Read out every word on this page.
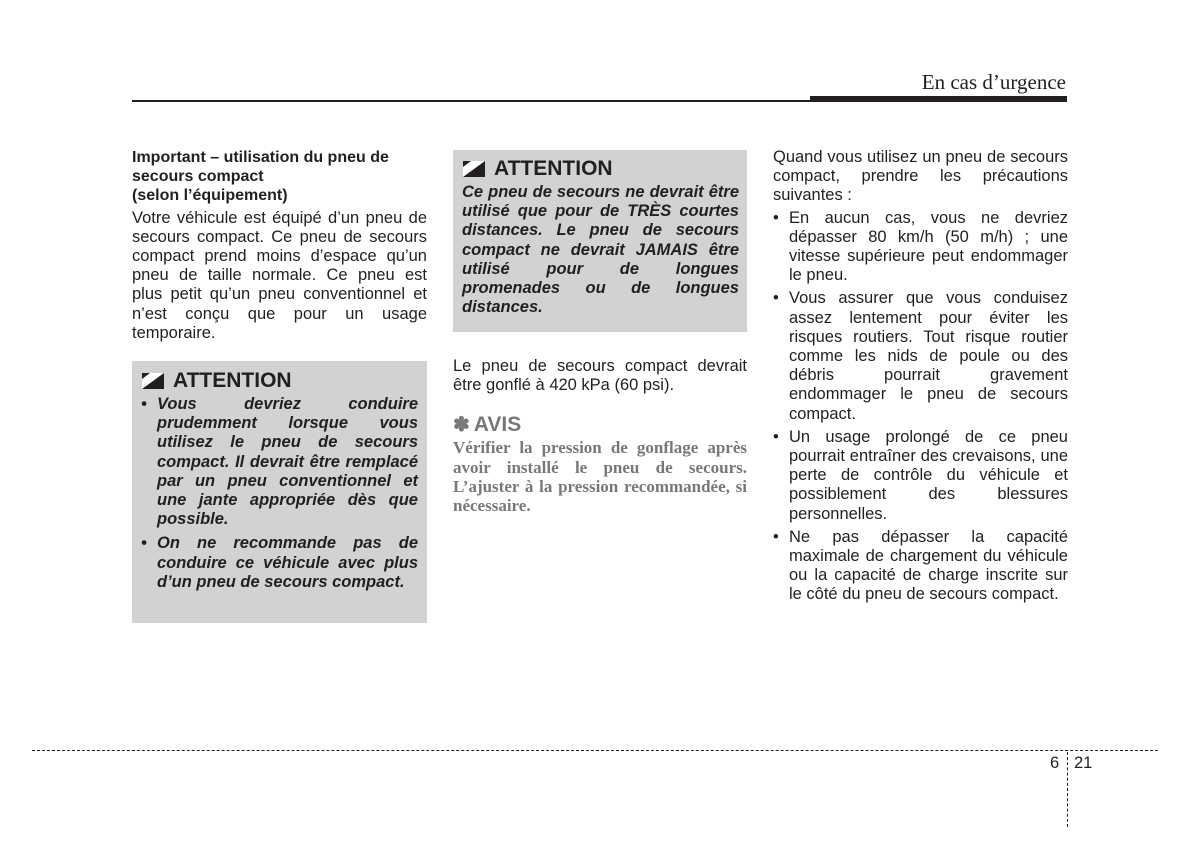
En cas d’urgence

Important – utilisation du pneu de
secours compact
(selon l’équipement)

Votre véhicule est équipé d’un pneu de secours compact. Ce pneu de secours compact prend moins d’espace qu’un pneu de taille normale. Ce pneu est plus petit qu’un pneu conventionnel et n’est conçu que pour un usage temporaire.

ATTENTION
• Vous devriez conduire prudemment lorsque vous utilisez le pneu de secours compact. Il devrait être remplacé par un pneu conventionnel et une jante appropriée dès que possible.
• On ne recommande pas de conduire ce véhicule avec plus d’un pneu de secours compact.
ATTENTION

Ce pneu de secours ne devrait être utilisé que pour de TRÈS courtes distances. Le pneu de secours compact ne devrait JAMAIS être utilisé pour de longues promenades ou de longues distances.

Le pneu de secours compact devrait être gonflé à 420 kPa (60 psi).

✽ AVIS

Vérifier la pression de gonflage après avoir installé le pneu de secours. L’ajuster à la pression recommandée, si nécessaire.

Quand vous utilisez un pneu de secours compact, prendre les précautions suivantes :

• En aucun cas, vous ne devriez dépasser 80 km/h (50 m/h) ; une vitesse supérieure peut endommager le pneu.
• Vous assurer que vous conduisez assez lentement pour éviter les risques routiers. Tout risque routier comme les nids de poule ou des débris pourrait gravement endommager le pneu de secours compact.
• Un usage prolongé de ce pneu pourrait entraîner des crevaisons, une perte de contrôle du véhicule et possiblement des blessures personnelles.
• Ne pas dépasser la capacité maximale de chargement du véhicule ou la capacité de charge inscrite sur le côté du pneu de secours compact.
6 21
